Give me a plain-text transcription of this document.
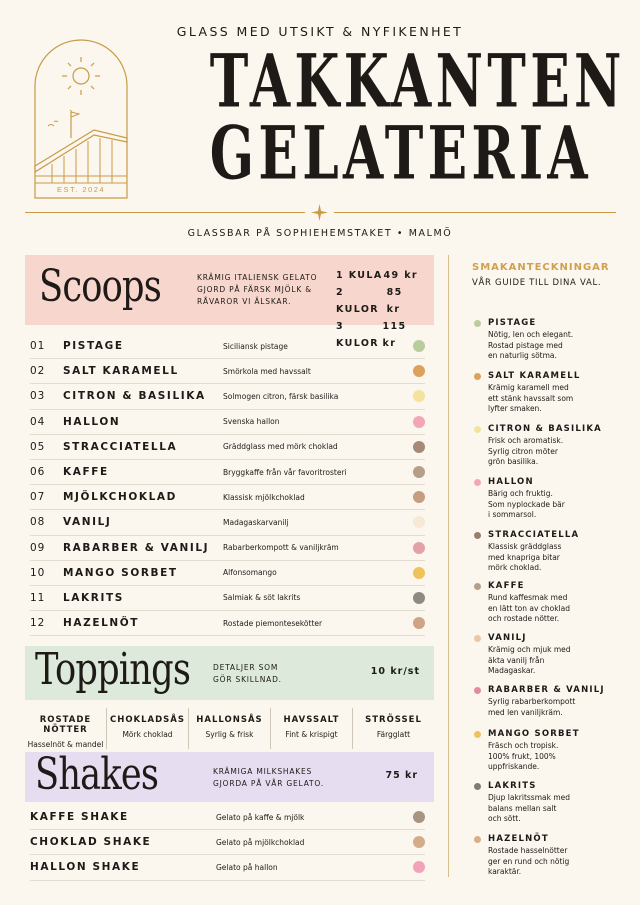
GLASS MED UTSIKT & NYFIKENHET
EST. 2024
TAKKANTEN
GELATERIA
GLASSBAR PÅ SOPHIEHEMSTAKET • MALMÖ
Scoops	KRÄMIG ITALIENSK GELATO
GJORD PÅ FÄRSK MJÖLK &
RÅVAROR VI ÄLSKAR.
1 KULA 49 kr
2 KULOR
85 kr
3 KULOR
115 kr
01	PISTAGE	Siciliansk pistage
02	SALT KARAMELL	Smörkola med havssalt
03	CITRON & BASILIKA	Solmogen citron, färsk basilika
04	HALLON	Svenska hallon
05	STRACCIATELLA	Gräddglass med mörk choklad
06	KAFFE	Bryggkaffe från vår favoritrosteri
07	MJÖLKCHOKLAD	Klassisk mjölkchoklad
08	VANILJ	Madagaskarvanilj
09	RABARBER & VANILJ	Rabarberkompott & vaniljkräm
10	MANGO SORBET	Alfonsomango
11	LAKRITS	Salmiak & söt lakrits
12	HAZELNÖT	Rostade piemontesekötter
Toppings	DETALJER SOM
GÖR SKILLNAD.
10 kr/st
ROSTADE NÖTTER
Hasselnöt & mandel
CHOKLADSÅS
Mörk choklad
HALLONSÅS
Syrlig & frisk
HAVSSALT
Fint & krispigt
STRÖSSEL
Färgglatt
Shakes	KRÄMIGA MILKSHAKES
GJORDA PÅ VÅR GELATO.
75 kr
KAFFE SHAKE	Gelato på kaffe & mjölk
CHOKLAD SHAKE	Gelato på mjölkchoklad
HALLON SHAKE	Gelato på hallon
SMAKANTECKNINGAR
VÅR GUIDE TILL DINA VAL.
PISTAGE
Nötig, len och elegant.
Rostad pistage med
en naturlig sötma.
SALT KARAMELL
Krämig karamell med
ett stänk havssalt som
lyfter smaken.
CITRON & BASILIKA
Frisk och aromatisk.
Syrlig citron möter
grön basilika.
HALLON
Bärig och fruktig.
Som nyplockade bär
i sommarsol.
STRACCIATELLA
Klassisk gräddglass
med knapriga bitar
mörk choklad.
KAFFE
Rund kaffesmak med
en lätt ton av choklad
och rostade nötter.
VANILJ
Krämig och mjuk med
äkta vanilj från
Madagaskar.
RABARBER & VANILJ
Syrlig rabarberkompott
med len vaniljkräm.
MANGO SORBET
Fräsch och tropisk.
100% frukt, 100%
uppfriskande.
LAKRITS
Djup lakritssmak med
balans mellan salt
och sött.
HAZELNÖT
Rostade hasselnötter
ger en rund och nötig
karaktär.
